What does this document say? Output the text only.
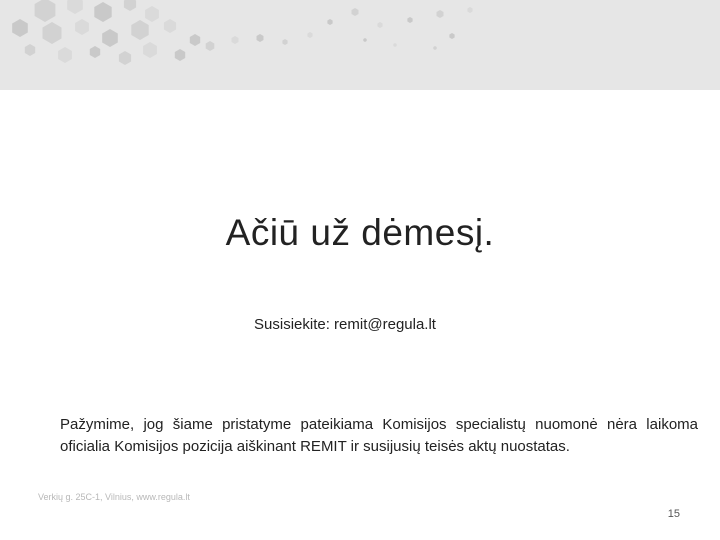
Ačiū už dėmesį.
Susisiekite: remit@regula.lt
Pažymime, jog šiame pristatyme pateikiama Komisijos specialistų nuomonė nėra laikoma oficialia Komisijos pozicija aiškinant REMIT ir susijusių teisės aktų nuostatas.
Verkių g. 25C-1, Vilnius, www.regula.lt
15
